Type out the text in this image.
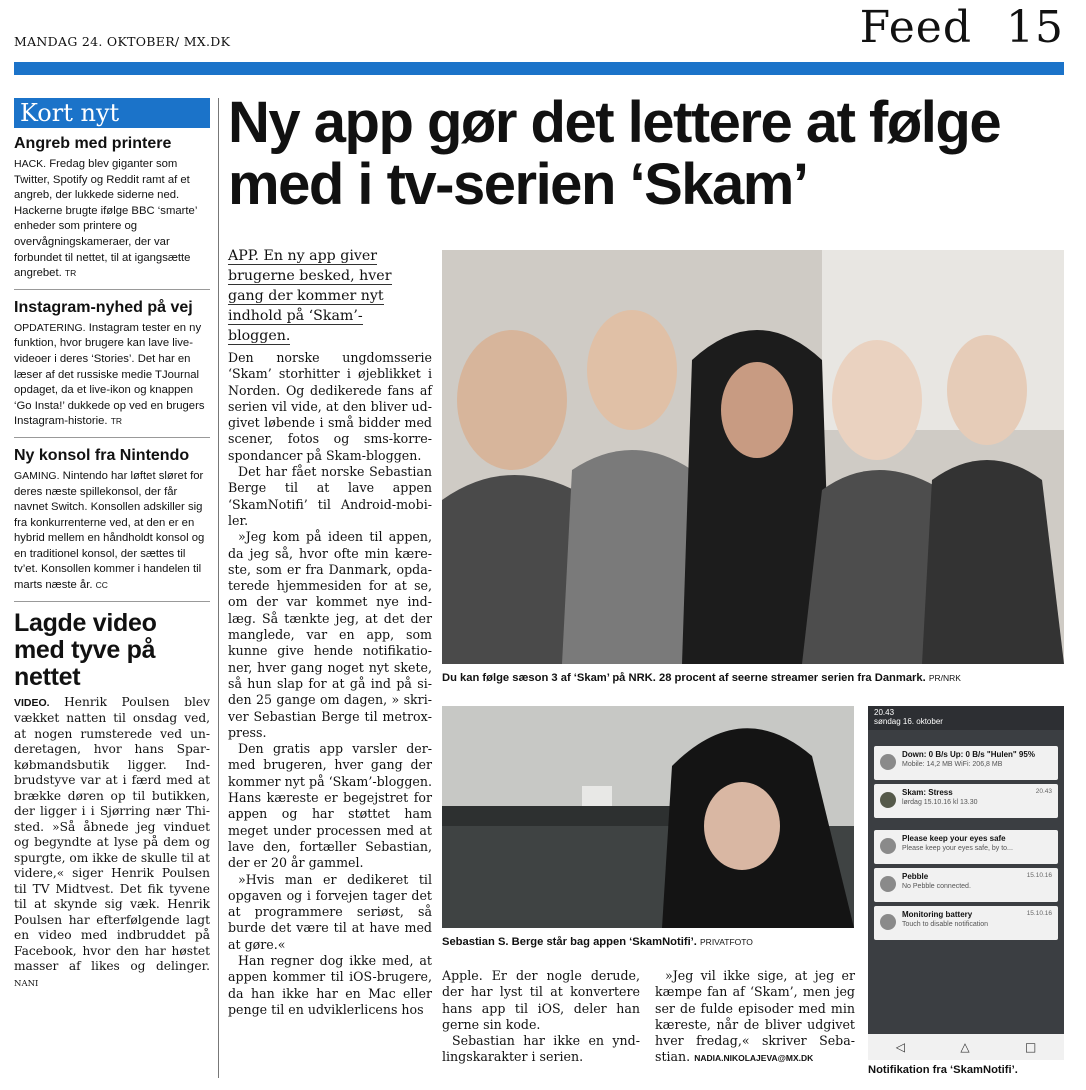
MANDAG 24. OKTOBER/ MX.DK	Feed 15
Kort nyt
Angreb med printere

HACK. Fredag blev giganter som Twitter, Spotify og Reddit ramt af et angreb, der lukkede siderne ned. Hackerne brugte ifølge BBC ‘smarte’ enheder som printere og overvågningskameraer, der var forbundet til nettet, til at igangsætte angrebet. TR

Instagram-nyhed på vej

OPDATERING. Instagram tester en ny funktion, hvor brugere kan lave live-videoer i deres ‘Stories’. Det har en læser af det russiske medie TJournal opdaget, da et live-ikon og knappen ‘Go Insta!’ dukkede op ved en brugers Instagram-historie. TR

Ny konsol fra Nintendo

GAMING. Nintendo har løftet sløret for deres næste spillekonsol, der får navnet Switch. Konsollen adskiller sig fra konkurrenterne ved, at den er en hybrid mellem en håndholdt konsol og en traditionel konsol, der sættes til tv’et. Konsollen kommer i handelen til marts næste år. CC

Lagde video med tyve på nettet

VIDEO. Henrik Poulsen blev vækket natten til onsdag ved, at nogen rumsterede ved underetagen, hvor hans Sparkøbmandsbutik ligger. Indbrudstyve var at i færd med at brække døren op til butikken, der ligger i i Sjørring nær Thisted. »Så åbnede jeg vinduet og begyndte at lyse på dem og spurgte, om ikke de skulle til at videre,« siger Henrik Poulsen til TV Midtvest. Det fik tyvene til at skynde sig væk. Henrik Poulsen har efterfølgende lagt en video med indbruddet på Facebook, hvor den har høstet masser af likes og delinger. NANI

Ny app gør det lettere at følge med i tv-serien ‘Skam’
APP. En ny app giver brugerne besked, hver gang der kommer nyt indhold på ‘Skam’-bloggen.

Den norske ungdomsserie ‘Skam’ storhitter i øjeblikket i Norden. Og dedikerede fans af serien vil vide, at den bliver udgivet løbende i små bidder med scener, fotos og sms-korrespondancer på Skam-bloggen.

Det har fået norske Sebastian Berge til at lave appen ‘SkamNotifi’ til Android-mobiler.

»Jeg kom på ideen til appen, da jeg så, hvor ofte min kæreste, som er fra Danmark, opdaterede hjemmesiden for at se, om der var kommet nye indlæg. Så tænkte jeg, at det der manglede, var en app, som kunne give hende notifikationer, hver gang noget nyt skete, så hun slap for at gå ind på siden 25 gange om dagen, » skriver Sebastian Berge til metroxpress.

Den gratis app varsler dermed brugeren, hver gang der kommer nyt på ‘Skam’-bloggen. Hans kæreste er begejstret for appen og har støttet ham meget under processen med at lave den, fortæller Sebastian, der er 20 år gammel.

»Hvis man er dedikeret til opgaven og i forvejen tager det at programmere seriøst, så burde det være til at have med at gøre.«

Han regner dog ikke med, at appen kommer til iOS-brugere, da han ikke har en Mac eller penge til en udviklerlicens hos

Du kan følge sæson 3 af ‘Skam’ på NRK. 28 procent af seerne streamer serien fra Danmark. PR/NRK
Sebastian S. Berge står bag appen ‘SkamNotifi’. PRIVATFOTO
20.43
søndag 16. oktober
Down: 0 B/s Up: 0 B/s "Hulen" 95%
Mobile: 14,2 MB WiFi: 206,8 MB
Skam: Stress
lørdag 15.10.16 kl 13.30
20.43
Please keep your eyes safe
Please keep your eyes safe, by to...
Pebble
No Pebble connected.
15.10.16
Monitoring battery
Touch to disable notification
15.10.16
◁	△	□
Notifikation fra ‘SkamNotifi’.

Apple. Er der nogle derude, der har lyst til at konvertere hans app til iOS, deler han gerne sin kode.

Sebastian har ikke en yndlingskarakter i serien.

»Jeg vil ikke sige, at jeg er kæmpe fan af ‘Skam’, men jeg ser de fulde episoder med min kæreste, når de bliver udgivet hver fredag,« skriver Sebastian. NADIA.NIKOLAJEVA@MX.DK
